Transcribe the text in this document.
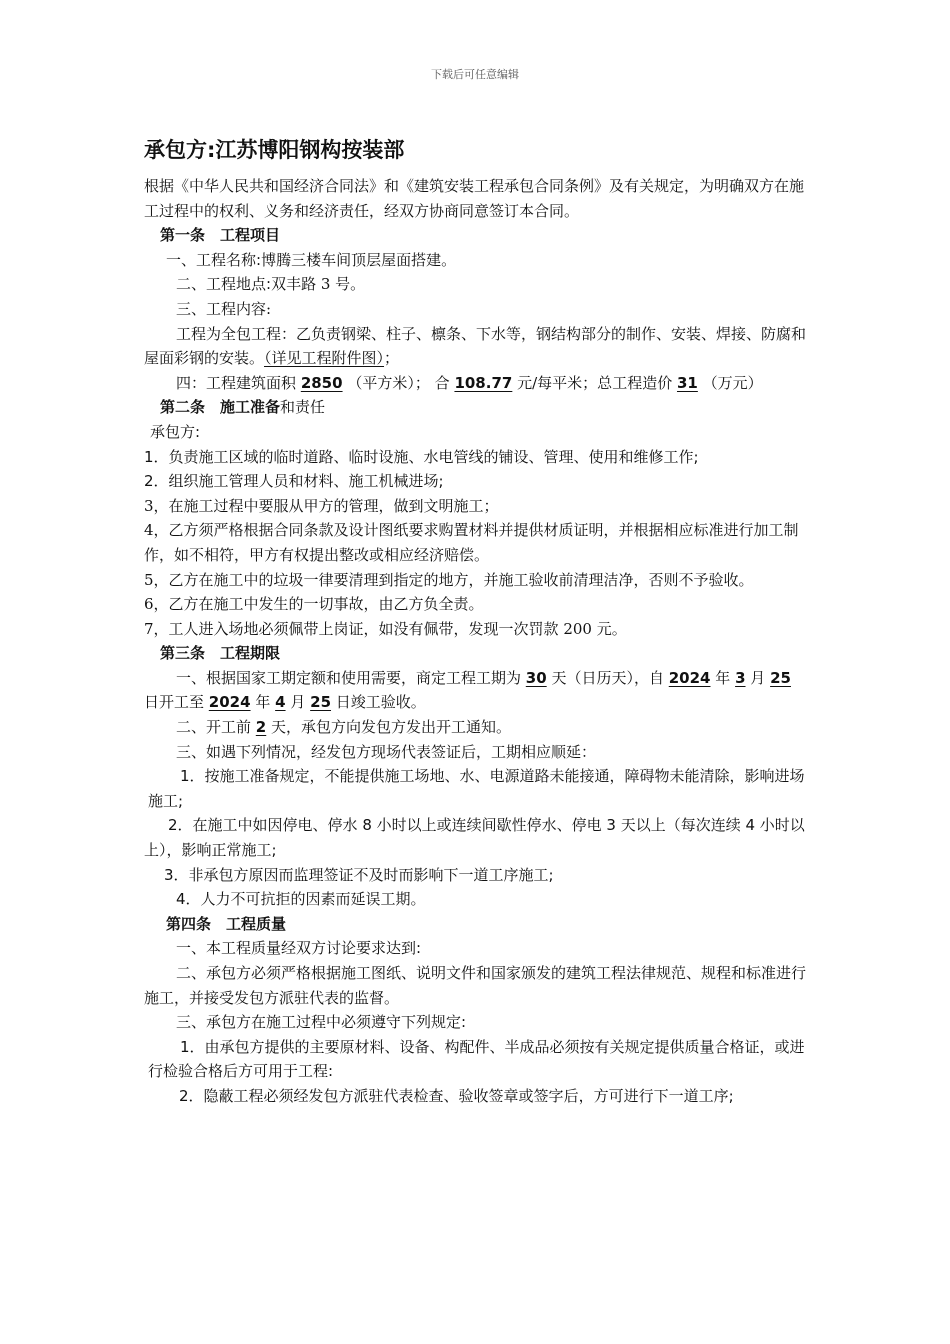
下载后可任意编辑
承包方:江苏博阳钢构按装部

根据《中华人民共和国经济合同法》和《建筑安装工程承包合同条例》及有关规定，为明确双方在施工过程中的权利、义务和经济责任，经双方协商同意签订本合同。

第一条　工程项目

一、工程名称:博腾三楼车间顶层屋面搭建。

二、工程地点:双丰路 3 号。

三、工程内容:

工程为全包工程：乙负责钢梁、柱子、檩条、下水等，钢结构部分的制作、安装、焊接、防腐和屋面彩钢的安装。（详见工程附件图）；

四：工程建筑面积 2850 （平方米）； 合 108.77 元/每平米；总工程造价 31 （万元）

第二条　施工准备和责任

承包方:

1．负责施工区域的临时道路、临时设施、水电管线的铺设、管理、使用和维修工作;

2．组织施工管理人员和材料、施工机械进场;

3，在施工过程中要服从甲方的管理，做到文明施工；

4，乙方须严格根据合同条款及设计图纸要求购置材料并提供材质证明，并根据相应标准进行加工制作，如不相符，甲方有权提出整改或相应经济赔偿。

5，乙方在施工中的垃圾一律要清理到指定的地方，并施工验收前清理洁净，否则不予验收。

6，乙方在施工中发生的一切事故，由乙方负全责。

7，工人进入场地必须佩带上岗证，如没有佩带，发现一次罚款 200 元。

第三条　工程期限

一、根据国家工期定额和使用需要，商定工程工期为 30 天（日历天），自 2024 年 3 月 25 日开工至 2024 年 4 月 25 日竣工验收。

二、开工前 2 天，承包方向发包方发出开工通知。

三、如遇下列情况，经发包方现场代表签证后，工期相应顺延：

1．按施工准备规定，不能提供施工场地、水、电源道路未能接通，障碍物未能清除，影响进场施工;

2．在施工中如因停电、停水 8 小时以上或连续间歇性停水、停电 3 天以上（每次连续 4 小时以上），影响正常施工;

3．非承包方原因而监理签证不及时而影响下一道工序施工;

4．人力不可抗拒的因素而延误工期。

第四条　工程质量

一、本工程质量经双方讨论要求达到:

二、承包方必须严格根据施工图纸、说明文件和国家颁发的建筑工程法律规范、规程和标准进行施工，并接受发包方派驻代表的监督。

三、承包方在施工过程中必须遵守下列规定:

1．由承包方提供的主要原材料、设备、构配件、半成品必须按有关规定提供质量合格证，或进行检验合格后方可用于工程:

2．隐蔽工程必须经发包方派驻代表检查、验收签章或签字后，方可进行下一道工序;
